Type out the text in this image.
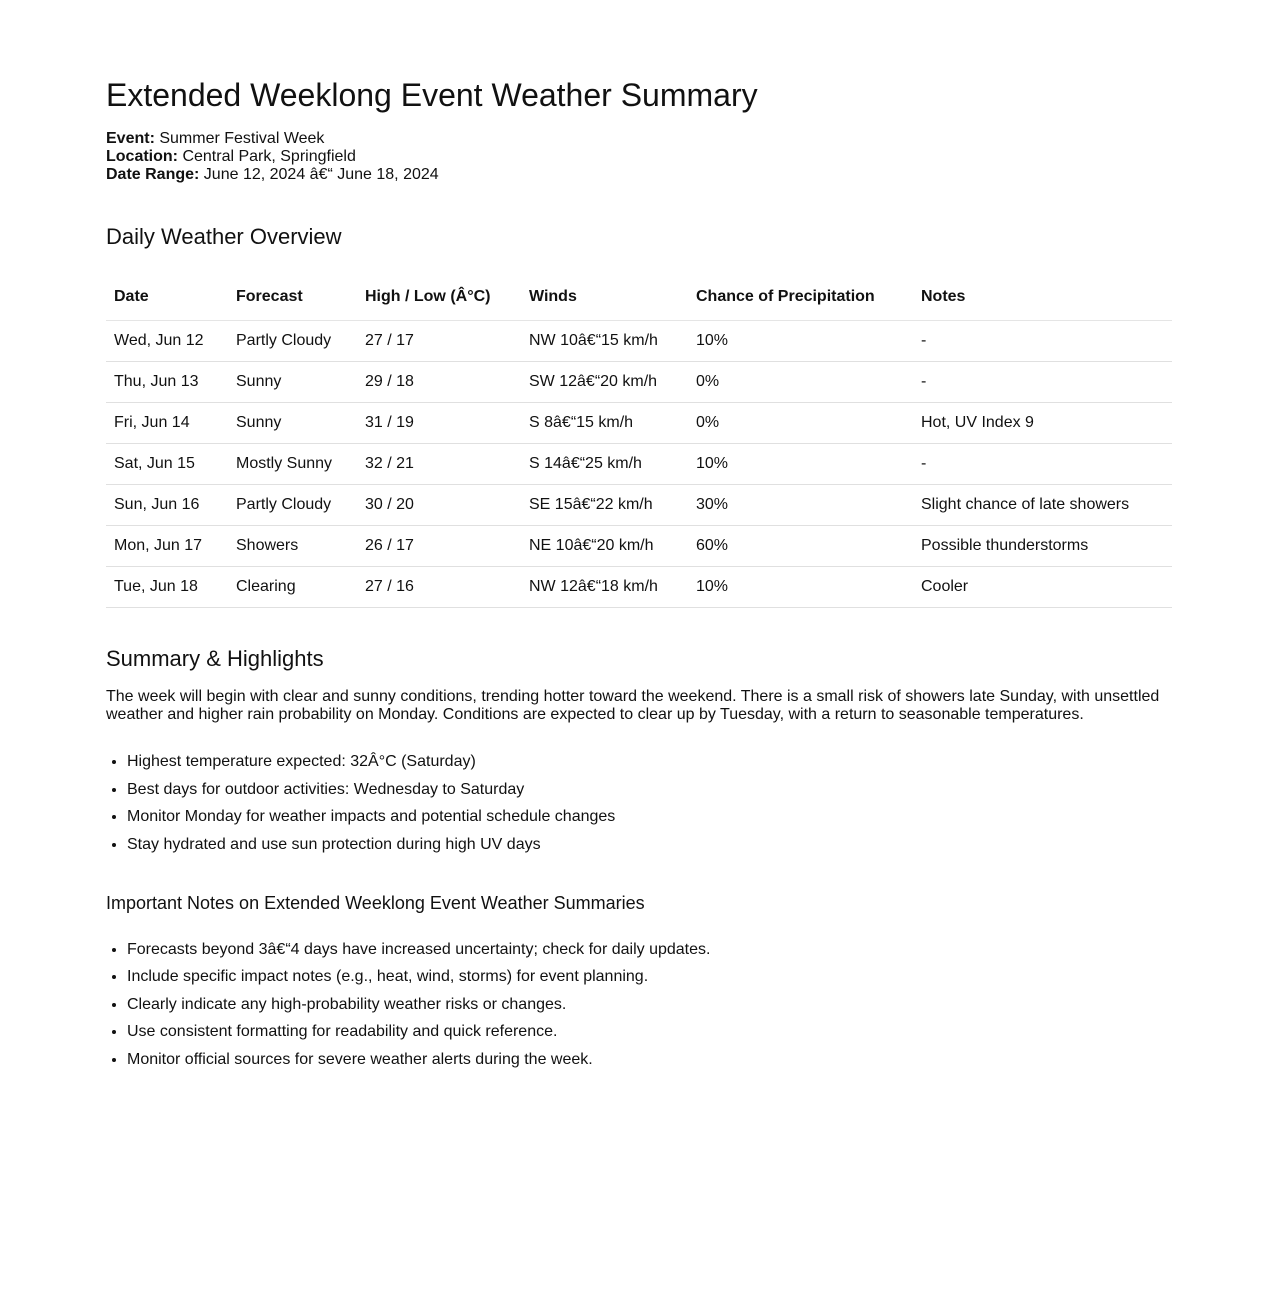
Extended Weeklong Event Weather Summary
Event: Summer Festival Week
Location: Central Park, Springfield
Date Range: June 12, 2024 â€“ June 18, 2024
Daily Weather Overview
Date	Forecast	High / Low (Â°C)	Winds	Chance of Precipitation	Notes
Wed, Jun 12	Partly Cloudy	27 / 17	NW 10â€“15 km/h	10%	-
Thu, Jun 13	Sunny	29 / 18	SW 12â€“20 km/h	0%	-
Fri, Jun 14	Sunny	31 / 19	S 8â€“15 km/h	0%	Hot, UV Index 9
Sat, Jun 15	Mostly Sunny	32 / 21	S 14â€“25 km/h	10%	-
Sun, Jun 16	Partly Cloudy	30 / 20	SE 15â€“22 km/h	30%	Slight chance of late showers
Mon, Jun 17	Showers	26 / 17	NE 10â€“20 km/h	60%	Possible thunderstorms
Tue, Jun 18	Clearing	27 / 16	NW 12â€“18 km/h	10%	Cooler
Summary & Highlights

The week will begin with clear and sunny conditions, trending hotter toward the weekend. There is a small risk of showers late Sunday, with unsettled weather and higher rain probability on Monday. Conditions are expected to clear up by Tuesday, with a return to seasonable temperatures.

• Highest temperature expected: 32Â°C (Saturday)
• Best days for outdoor activities: Wednesday to Saturday
• Monitor Monday for weather impacts and potential schedule changes
• Stay hydrated and use sun protection during high UV days
Important Notes on Extended Weeklong Event Weather Summaries
• Forecasts beyond 3â€“4 days have increased uncertainty; check for daily updates.
• Include specific impact notes (e.g., heat, wind, storms) for event planning.
• Clearly indicate any high-probability weather risks or changes.
• Use consistent formatting for readability and quick reference.
• Monitor official sources for severe weather alerts during the week.
